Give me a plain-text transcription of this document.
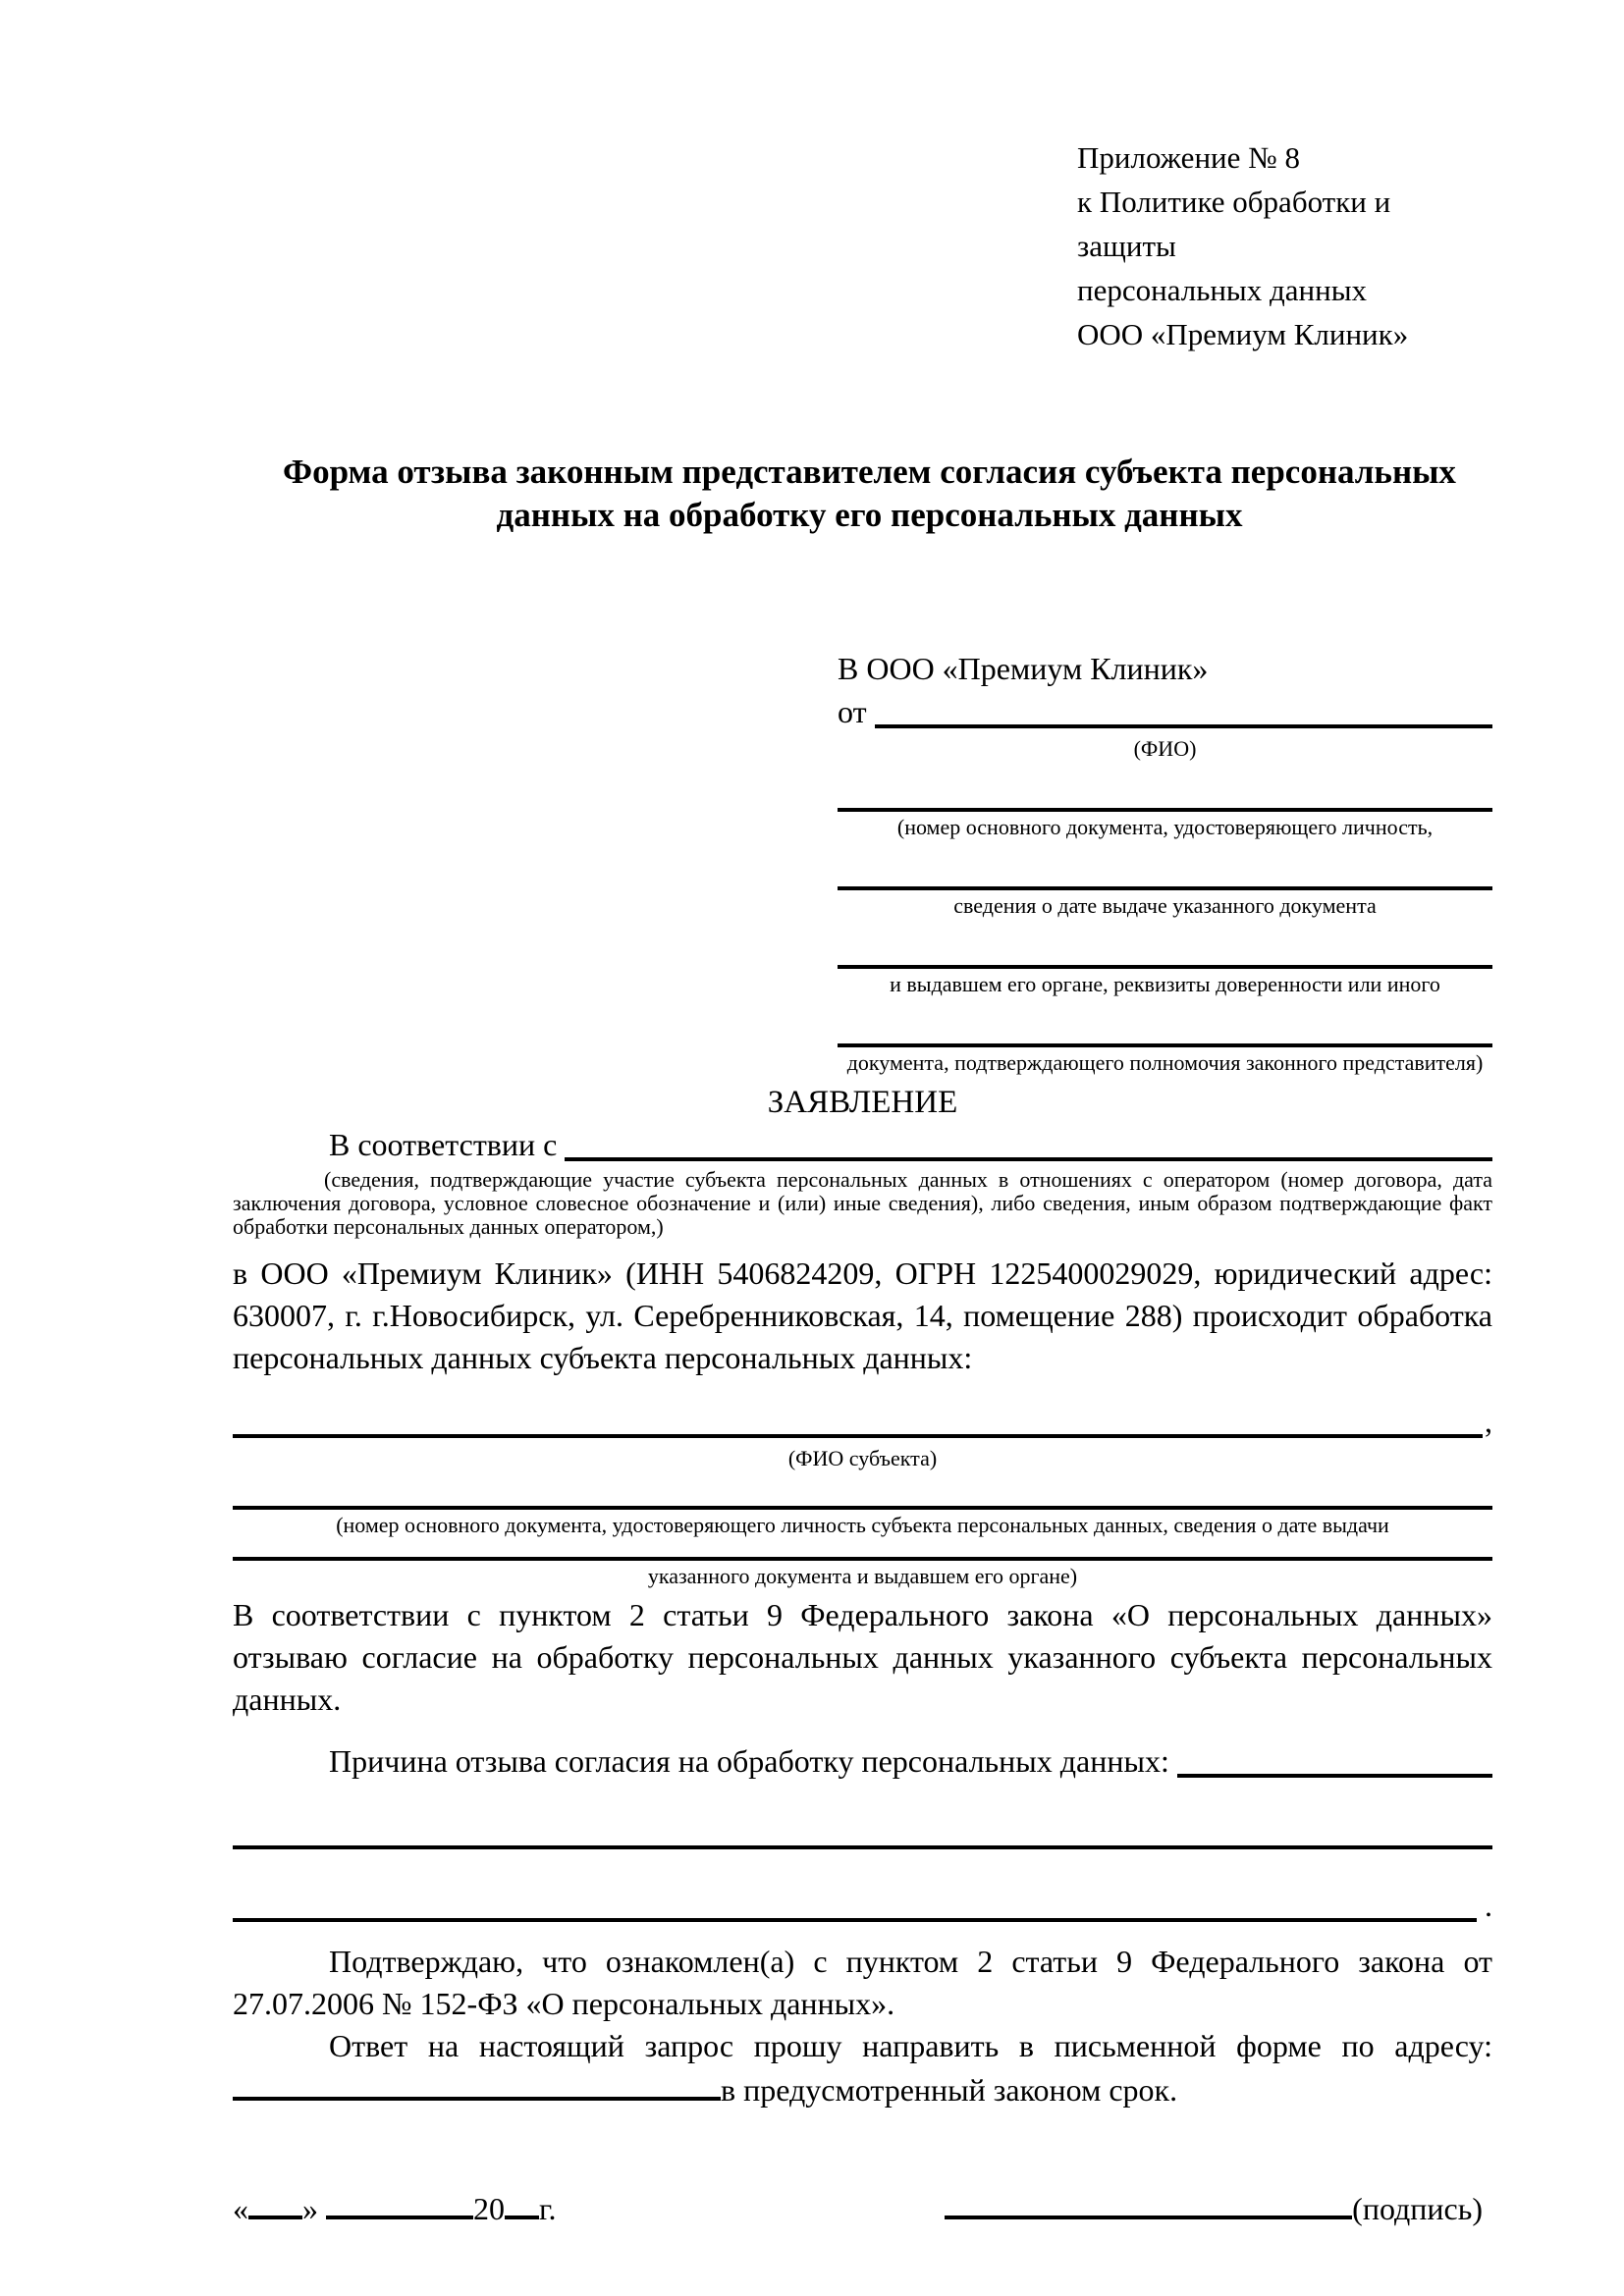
Приложение № 8
к Политике обработки и защиты
персональных данных
ООО «Премиум Клиник»
Форма отзыва законным представителем согласия субъекта персональных данных на обработку его персональных данных
В ООО «Премиум Клиник»
от
(ФИО)
(номер основного документа, удостоверяющего личность,
сведения о дате выдаче указанного документа
и выдавшем его органе, реквизиты доверенности или иного
документа, подтверждающего полномочия законного представителя)
ЗАЯВЛЕНИЕ
В соответствии с
(сведения, подтверждающие участие субъекта персональных данных в отношениях с оператором (номер договора, дата заключения договора, условное словесное обозначение и (или) иные сведения), либо сведения, иным образом подтверждающие факт обработки персональных данных оператором,)

в ООО «Премиум Клиник» (ИНН 5406824209, ОГРН 1225400029029, юридический адрес: 630007, г. г.Новосибирск, ул. Серебренниковская, 14, помещение 288) происходит обработка персональных данных субъекта персональных данных:

,
(ФИО субъекта)
(номер основного документа, удостоверяющего личность субъекта персональных данных, сведения о дате выдачи
указанного документа и выдавшем его органе)

В соответствии с пунктом 2 статьи 9 Федерального закона «О персональных данных» отзываю согласие на обработку персональных данных указанного субъекта персональных данных.

Причина отзыва согласия на обработку персональных данных:
.

Подтверждаю, что ознакомлен(а) с пунктом 2 статьи 9 Федерального закона от 27.07.2006 № 152-ФЗ «О персональных данных».

Ответ на настоящий запрос прошу направить в письменной форме по адресу: в предусмотренный законом срок.

« »	20 г.	(подпись)
